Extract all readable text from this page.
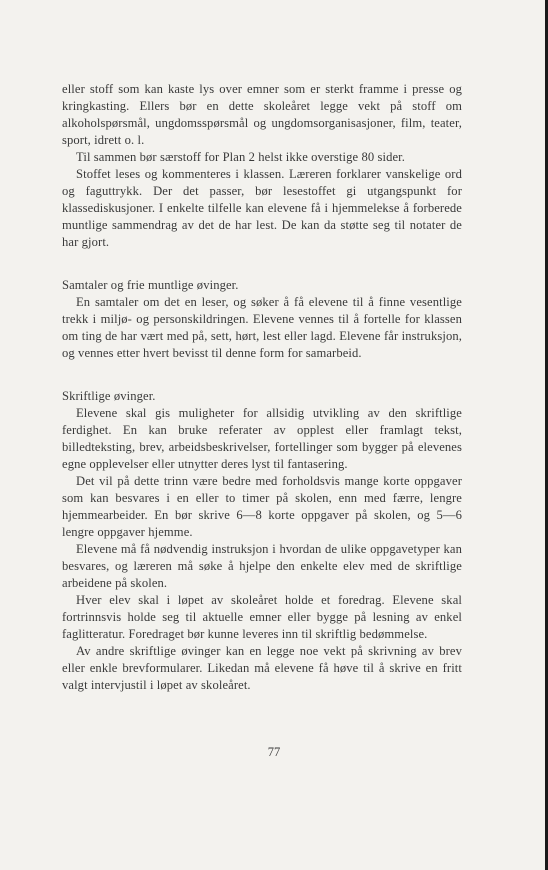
eller stoff som kan kaste lys over emner som er sterkt framme i presse og kringkasting. Ellers bør en dette skoleåret legge vekt på stoff om alkoholspørsmål, ungdomsspørsmål og ungdomsorganisasjoner, film, teater, sport, idrett o. l.

Til sammen bør særstoff for Plan 2 helst ikke overstige 80 sider.

Stoffet leses og kommenteres i klassen. Læreren forklarer vanskelige ord og faguttrykk. Der det passer, bør lesestoffet gi utgangspunkt for klassediskusjoner. I enkelte tilfelle kan elevene få i hjemmelekse å forberede muntlige sammendrag av det de har lest. De kan da støtte seg til notater de har gjort.

Samtaler og frie muntlige øvinger.

En samtaler om det en leser, og søker å få elevene til å finne vesentlige trekk i miljø- og personskildringen. Elevene vennes til å fortelle for klassen om ting de har vært med på, sett, hørt, lest eller lagd. Elevene får instruksjon, og vennes etter hvert bevisst til denne form for samarbeid.

Skriftlige øvinger.

Elevene skal gis muligheter for allsidig utvikling av den skriftlige ferdighet. En kan bruke referater av opplest eller framlagt tekst, billedteksting, brev, arbeidsbeskrivelser, fortellinger som bygger på elevenes egne opplevelser eller utnytter deres lyst til fantasering.

Det vil på dette trinn være bedre med forholdsvis mange korte oppgaver som kan besvares i en eller to timer på skolen, enn med færre, lengre hjemmearbeider. En bør skrive 6—8 korte oppgaver på skolen, og 5—6 lengre oppgaver hjemme.

Elevene må få nødvendig instruksjon i hvordan de ulike oppgavetyper kan besvares, og læreren må søke å hjelpe den enkelte elev med de skriftlige arbeidene på skolen.

Hver elev skal i løpet av skoleåret holde et foredrag. Elevene skal fortrinnsvis holde seg til aktuelle emner eller bygge på lesning av enkel faglitteratur. Foredraget bør kunne leveres inn til skriftlig bedømmelse.

Av andre skriftlige øvinger kan en legge noe vekt på skrivning av brev eller enkle brevformularer. Likedan må elevene få høve til å skrive en fritt valgt intervjustil i løpet av skoleåret.

77
